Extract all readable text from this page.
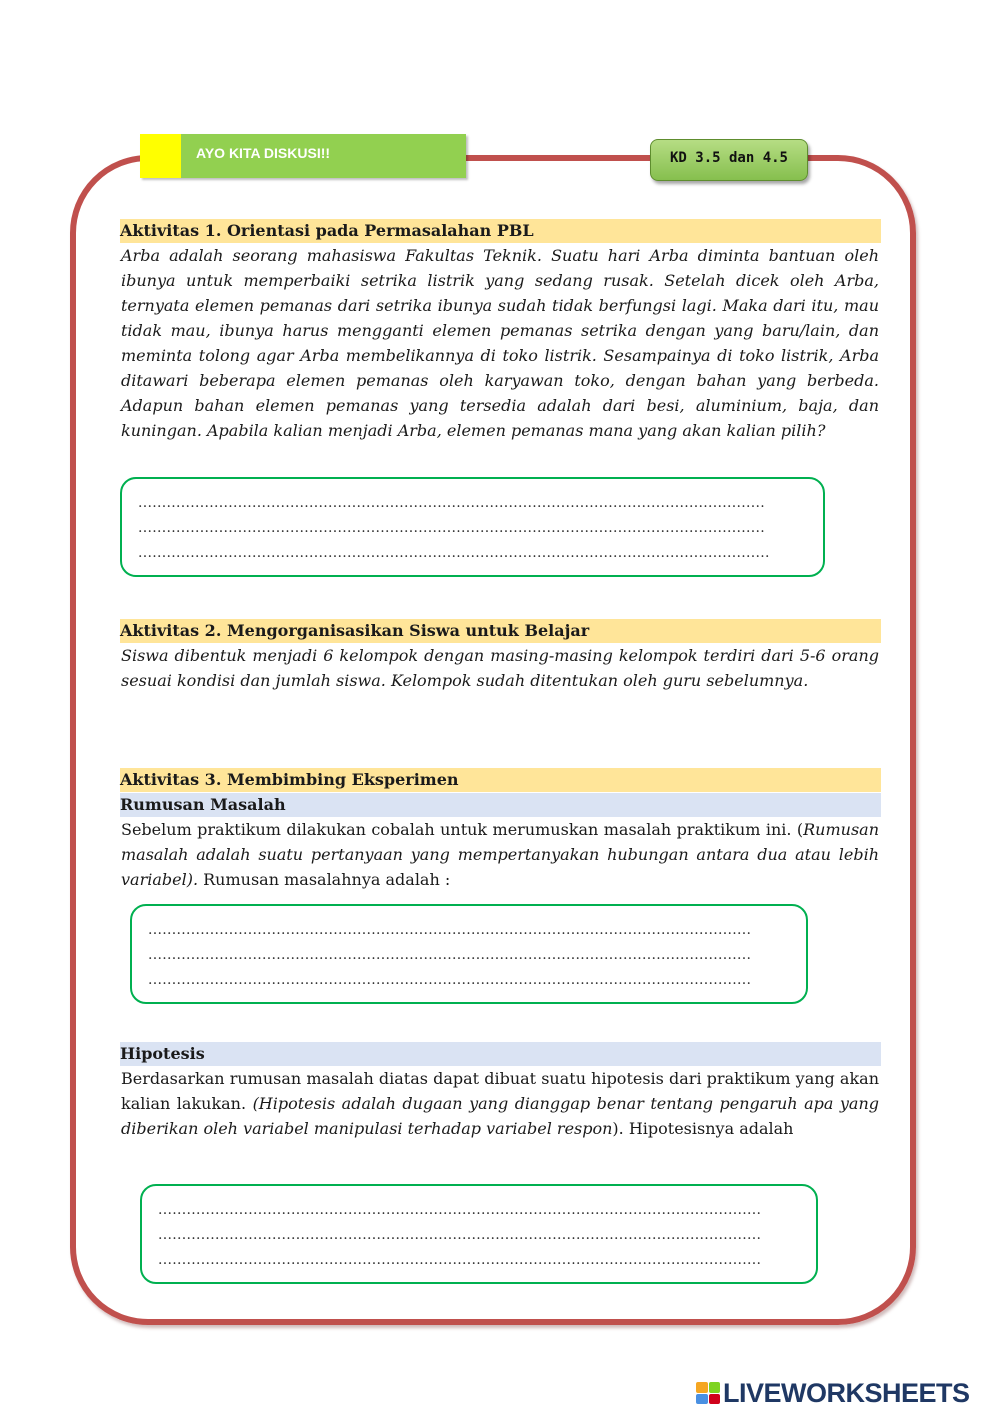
AYO KITA DISKUSI!!	KD 3.5 dan 4.5
Aktivitas 1. Orientasi pada Permasalahan PBL

Arba adalah seorang mahasiswa Fakultas Teknik. Suatu hari Arba diminta bantuan oleh ibunya untuk memperbaiki setrika listrik yang sedang rusak. Setelah dicek oleh Arba, ternyata elemen pemanas dari setrika ibunya sudah tidak berfungsi lagi. Maka dari itu, mau tidak mau, ibunya harus mengganti elemen pemanas setrika dengan yang baru/lain, dan meminta tolong agar Arba membelikannya di toko listrik. Sesampainya di toko listrik, Arba ditawari beberapa elemen pemanas oleh karyawan toko, dengan bahan yang berbeda. Adapun bahan elemen pemanas yang tersedia adalah dari besi, aluminium, baja, dan kuningan. Apabila kalian menjadi Arba, elemen pemanas mana yang akan kalian pilih?

....................................................................................................................................
....................................................................................................................................
.....................................................................................................................................
Aktivitas 2. Mengorganisasikan Siswa untuk Belajar

Siswa dibentuk menjadi 6 kelompok dengan masing-masing kelompok terdiri dari 5-6 orang sesuai kondisi dan jumlah siswa. Kelompok sudah ditentukan oleh guru sebelumnya.

Aktivitas 3. Membimbing Eksperimen
Rumusan Masalah

Sebelum praktikum dilakukan cobalah untuk merumuskan masalah praktikum ini. (Rumusan masalah adalah suatu pertanyaan yang mempertanyakan hubungan antara dua atau lebih variabel). Rumusan masalahnya adalah :

...............................................................................................................................
...............................................................................................................................
...............................................................................................................................
Hipotesis

Berdasarkan rumusan masalah diatas dapat dibuat suatu hipotesis dari praktikum yang akan kalian lakukan. (Hipotesis adalah dugaan yang dianggap benar tentang pengaruh apa yang diberikan oleh variabel manipulasi terhadap variabel respon). Hipotesisnya adalah

...............................................................................................................................
...............................................................................................................................
...............................................................................................................................
LIVEWORKSHEETS
